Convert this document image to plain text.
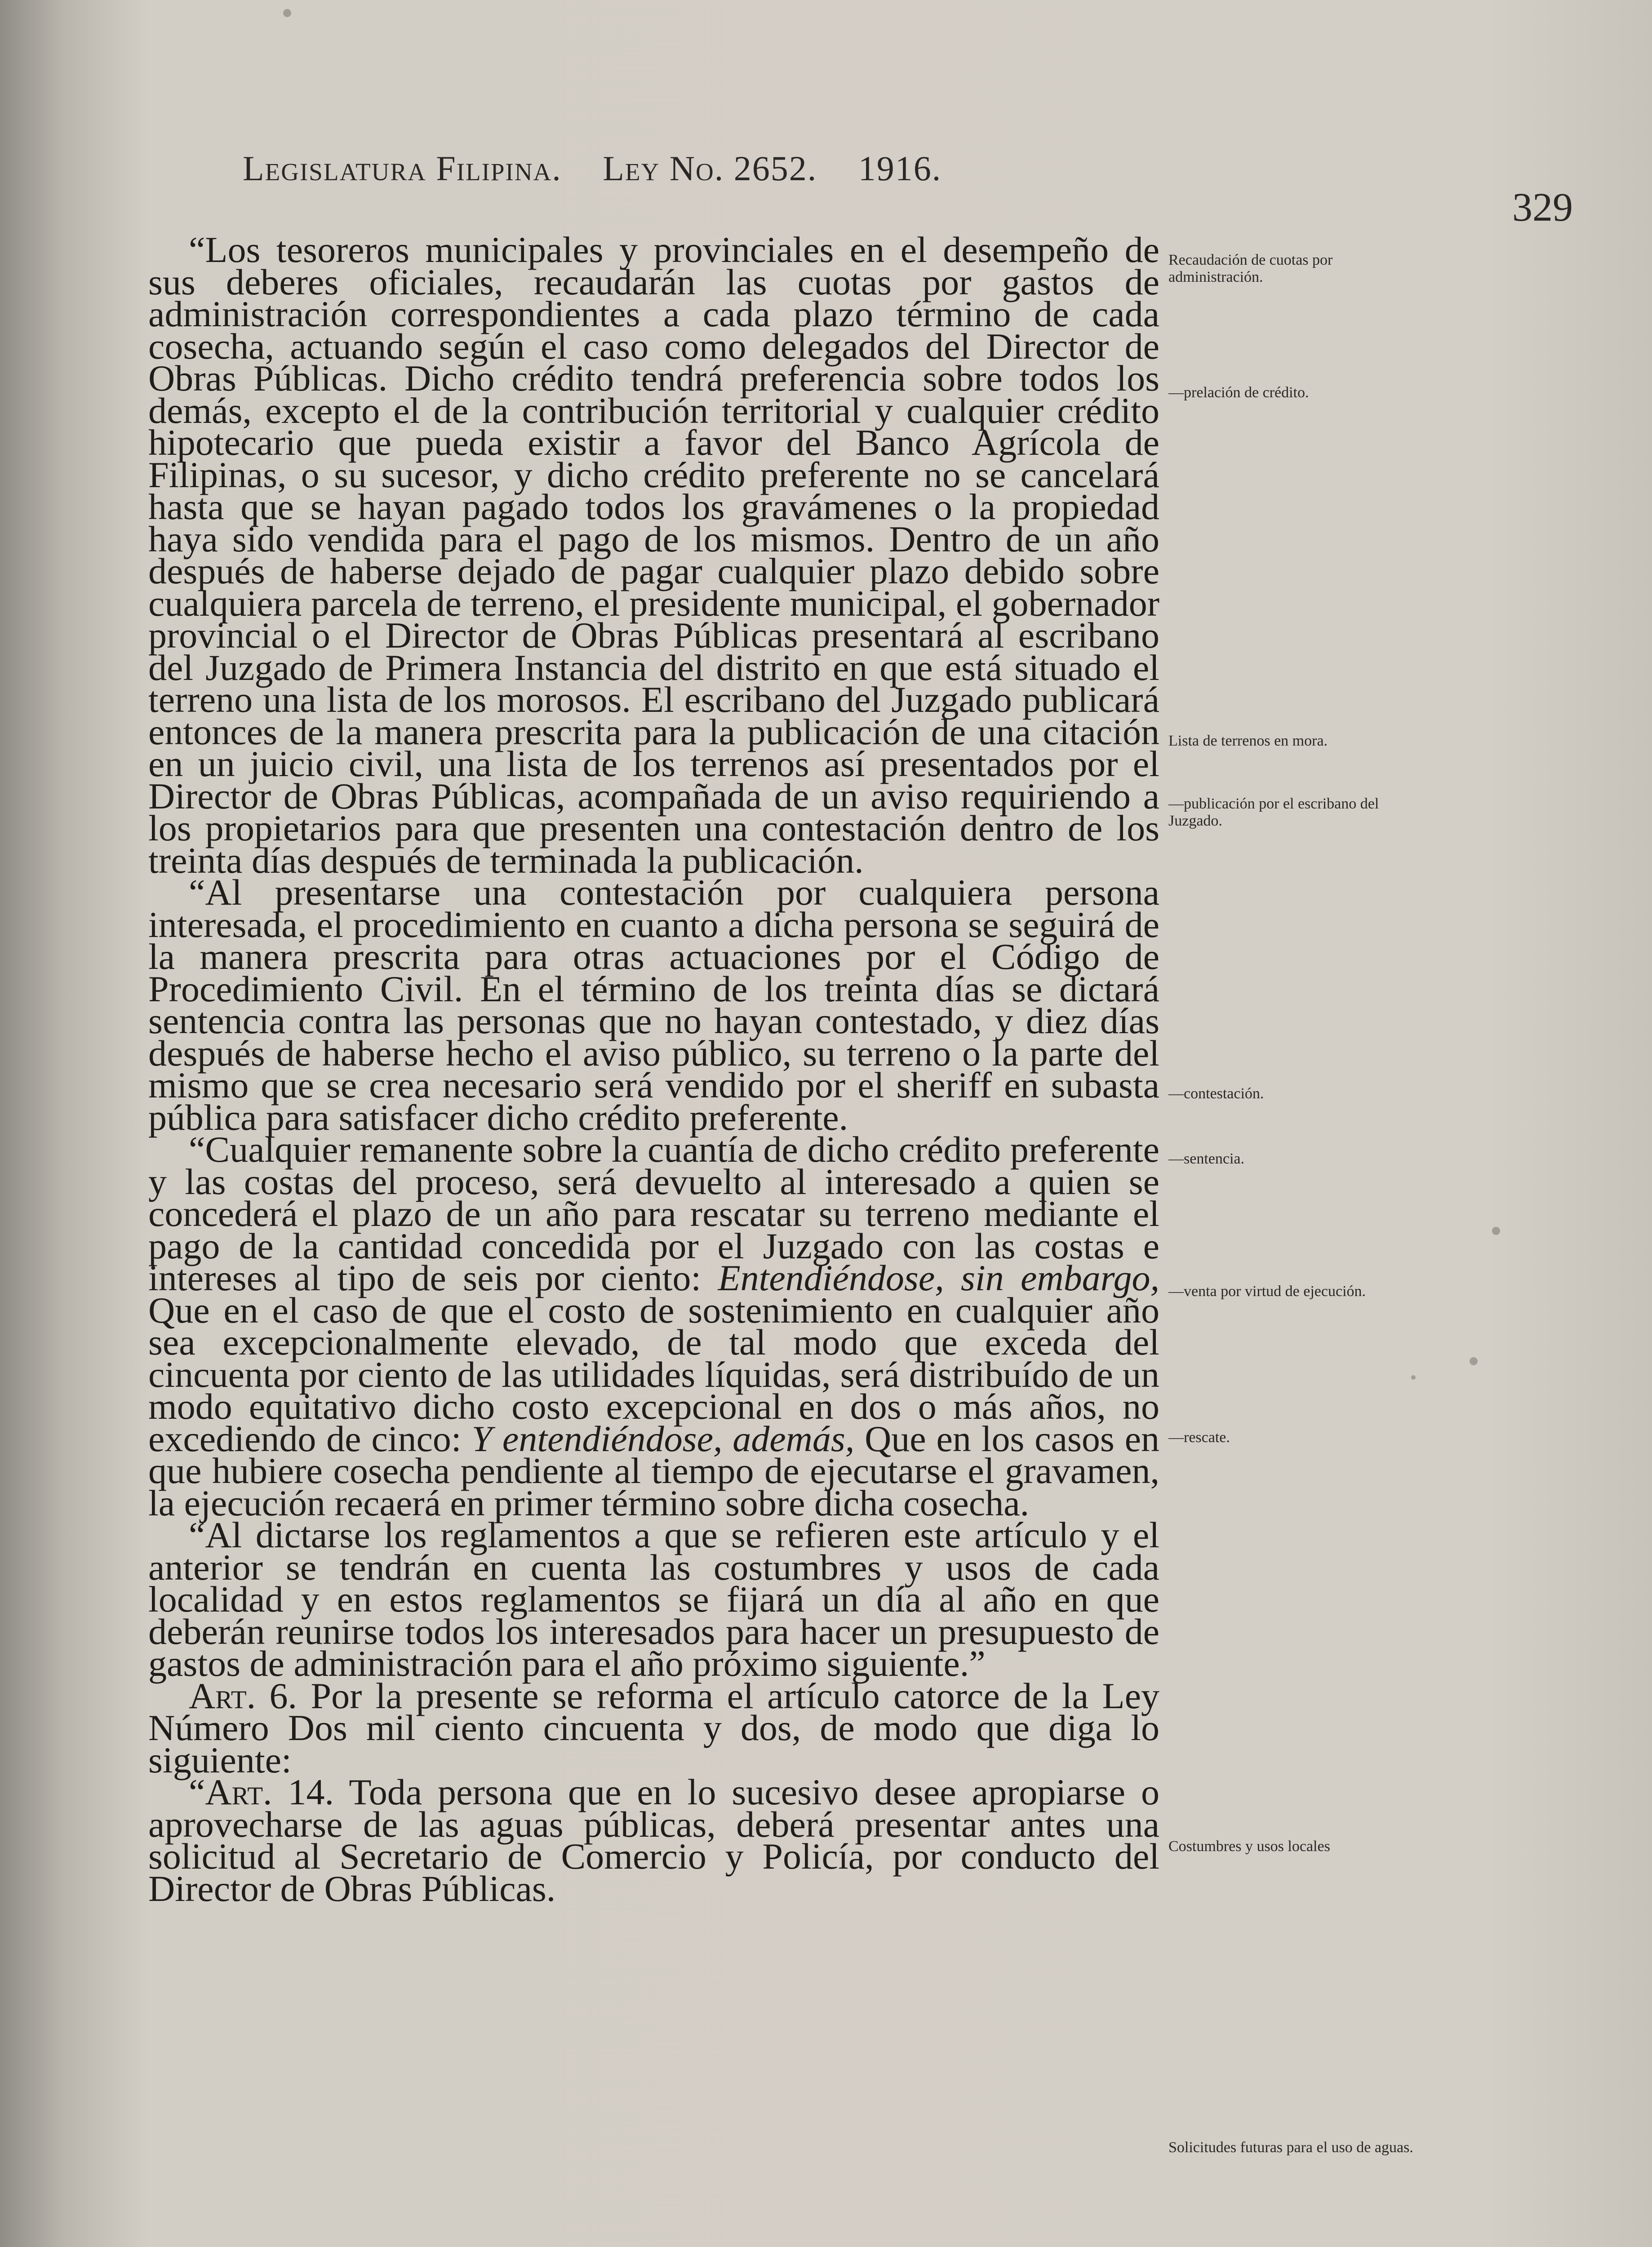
Legislatura Filipina. Ley No. 2652. 1916.
329

“Los tesoreros municipales y provinciales en el desempeño de sus deberes oficiales, recaudarán las cuotas por gastos de administración correspondientes a cada plazo término de cada cosecha, actuando según el caso como delegados del Director de Obras Públicas. Dicho crédito tendrá preferencia sobre todos los demás, excepto el de la contribución territorial y cualquier crédito hipotecario que pueda existir a favor del Banco Agrícola de Filipinas, o su sucesor, y dicho crédito preferente no se cancelará hasta que se hayan pagado todos los gravámenes o la propiedad haya sido vendida para el pago de los mismos. Dentro de un año después de haberse dejado de pagar cualquier plazo debido sobre cualquiera parcela de terreno, el presidente municipal, el gobernador provincial o el Director de Obras Públicas presentará al escribano del Juzgado de Primera Instancia del distrito en que está situado el terreno una lista de los morosos. El escribano del Juzgado publicará entonces de la manera prescrita para la publicación de una citación en un juicio civil, una lista de los terrenos así presentados por el Director de Obras Públicas, acompañada de un aviso requiriendo a los propietarios para que presenten una contestación dentro de los treinta días después de terminada la publicación.

“Al presentarse una contestación por cualquiera persona interesada, el procedimiento en cuanto a dicha persona se seguirá de la manera prescrita para otras actuaciones por el Código de Procedimiento Civil. En el término de los treinta días se dictará sentencia contra las personas que no hayan contestado, y diez días después de haberse hecho el aviso público, su terreno o la parte del mismo que se crea necesario será vendido por el sheriff en subasta pública para satisfacer dicho crédito preferente.

“Cualquier remanente sobre la cuantía de dicho crédito preferente y las costas del proceso, será devuelto al interesado a quien se concederá el plazo de un año para rescatar su terreno mediante el pago de la cantidad concedida por el Juzgado con las costas e intereses al tipo de seis por ciento: Entendiéndose, sin embargo, Que en el caso de que el costo de sostenimiento en cualquier año sea excepcionalmente elevado, de tal modo que exceda del cincuenta por ciento de las utilidades líquidas, será distribuído de un modo equitativo dicho costo excepcional en dos o más años, no excediendo de cinco: Y entendiéndose, además, Que en los casos en que hubiere cosecha pendiente al tiempo de ejecutarse el gravamen, la ejecución recaerá en primer término sobre dicha cosecha.

“Al dictarse los reglamentos a que se refieren este artículo y el anterior se tendrán en cuenta las costumbres y usos de cada localidad y en estos reglamentos se fijará un día al año en que deberán reunirse todos los interesados para hacer un presupuesto de gastos de administración para el año próximo siguiente.”

Art. 6. Por la presente se reforma el artículo catorce de la Ley Número Dos mil ciento cincuenta y dos, de modo que diga lo siguiente:

“Art. 14. Toda persona que en lo sucesivo desee apropiarse o aprovecharse de las aguas públicas, deberá presentar antes una solicitud al Secretario de Comercio y Policía, por conducto del Director de Obras Públicas.

Recaudación de cuotas por administración.
—prelación de crédito.
Lista de terrenos en mora.
—publicación por el escribano del Juzgado.
—contestación.
—sentencia.
—venta por virtud de ejecución.
—rescate.
Costumbres y usos locales
Solicitudes futuras para el uso de aguas.
